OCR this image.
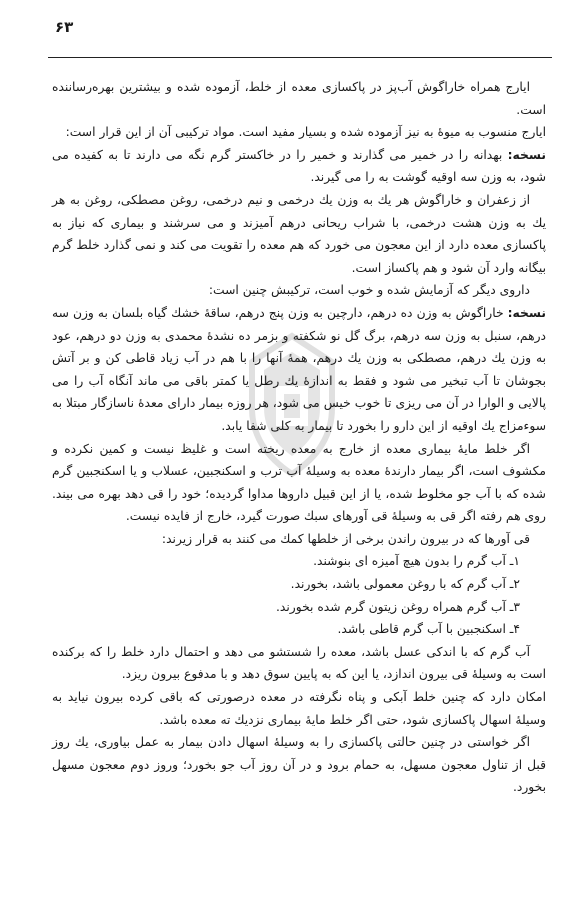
۶۳

ایارج همراه خاراگوش آب‌پز در پاکسازی معده از خلط، آزموده شده و بیشترین بهره‌رساننده است.

ایارج منسوب به میوهٔ به نیز آزموده شده و بسیار مفید است. مواد ترکیبی آن از این قرار است:

نسخه: بهدانه را در خمیر می گذارند و خمیر را در خاکستر گرم نگه می دارند تا به کفیده می شود، به وزن سه اوقیه گوشت به را می گیرند.

از زعفران و خاراگوش هر یك به وزن یك درخمی و نیم درخمی، روغن مصطکی، روغن به هر یك به وزن هشت درخمی، با شراب ریحانی درهم آمیزند و می سرشند و بیماری که نیاز به پاکسازی معده دارد از این معجون می خورد که هم معده را تقویت می کند و نمی گذارد خلط گرم بیگانه وارد آن شود و هم پاکساز است.

داروی دیگر که آزمایش شده و خوب است، ترکیبش چنین است:

نسخه: خاراگوش به وزن ده درهم، دارچین به وزن پنج درهم، ساقهٔ خشك گیاه بلسان به وزن سه درهم، سنبل به وزن سه درهم، برگ گل نو شکفته و بزمر ده نشدهٔ محمدی به وزن دو درهم، عود به وزن یك درهم، مصطکی به وزن یك درهم، همهٔ آنها را با هم در آب زیاد قاطی کن و بر آتش بجوشان تا آب تبخیر می شود و فقط به اندازهٔ یك رطل یا کمتر باقی می ماند آنگاه آب را می پالایی و الوارا در آن می ریزی تا خوب خیس می شود، هر روزه بیمار دارای معدهٔ ناسازگار مبتلا به سوءمزاج یك اوقیه از این دارو را بخورد تا بیمار به کلی شفا یابد.

اگر خلط مایهٔ بیماری معده از خارج به معده ریخته است و غلیظ نیست و کمین نکرده و مکشوف است، اگر بیمار دارندهٔ معده به وسیلهٔ آب ترب و اسکنجبین، عسلاب و یا اسکنجبین گرم شده که با آب جو مخلوط شده، یا از این قبیل داروها مداوا گردیده؛ خود را قی دهد بهره می بیند. روی هم رفته اگر قی به وسیلهٔ قی آورهای سبك صورت گیرد، خارج از فایده نیست.

قی آورها که در بیرون راندن برخی از خلطها کمك می کنند به قرار زیرند:

۱ـ آب گرم را بدون هیچ آمیزه ای بنوشند.

۲ـ آب گرم که با روغن معمولی باشد، بخورند.

۳ـ آب گرم همراه روغن زیتون گرم شده بخورند.

۴ـ اسکنجبین با آب گرم قاطی باشد.

آب گرم که با اندکی عسل باشد، معده را شستشو می دهد و احتمال دارد خلط را که برکنده است به وسیلهٔ قی بیرون اندازد، یا این که به پایین سوق دهد و با مدفوع بیرون ریزد.

امکان دارد که چنین خلط آبکی و پناه نگرفته در معده درصورتی که باقی کرده بیرون نیاید به وسیلهٔ اسهال پاکسازی شود، حتی اگر خلط مایهٔ بیماری نزدیك ته معده باشد.

اگر خواستی در چنین حالتی پاکسازی را به وسیلهٔ اسهال دادن بیمار به عمل بیاوری، یك روز قبل از تناول معجون مسهل، به حمام برود و در آن روز آب جو بخورد؛ وروز دوم معجون مسهل بخورد.
